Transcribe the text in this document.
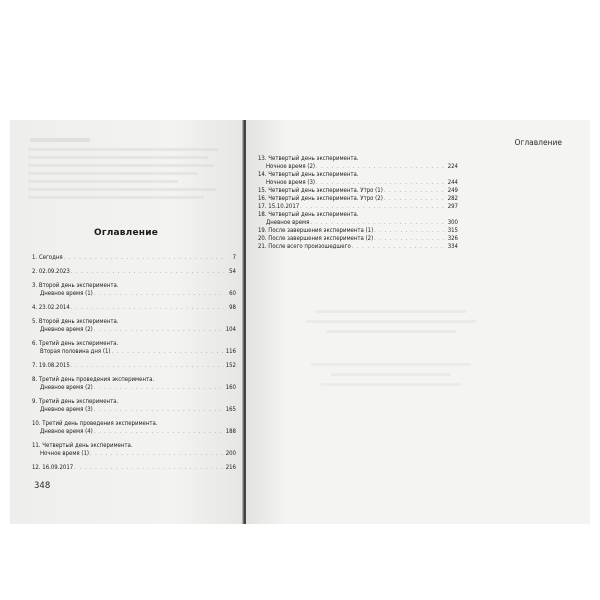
Оглавление
1. Сегодня . . .	7
2. 02.09.2023 . . .	54
3. Второй день эксперимента.
Дневное время (1) . . .	60
4. 23.02.2014 . . .	98
5. Второй день эксперимента.
Дневное время (2) . . .	104
6. Третий день эксперимента.
Вторая половина дня (1) . . .	116
7. 19.08.2015 . . .	152
8. Третий день проведения эксперимента.
Дневное время (2) . . .	160
9. Третий день эксперимента.
Дневное время (3) . . .	165
10. Третий день проведения эксперимента.
Дневное время (4) . . .	188
11. Четвертый день эксперимента.
Ночное время (1) . . .	200
12. 16.09.2017 . . .	216
348
Оглавление
13. Четвертый день эксперимента.
Ночное время (2) . . .	224
14. Четвертый день эксперимента.
Ночное время (3) . . .	244
15. Четвертый день эксперимента. Утро (1) . . .	249
16. Четвертый день эксперимента. Утро (2) . . .	282
17. 15.10.2017 . . .	297
18. Четвертый день эксперимента.
Дневное время . . .	300
19. После завершения эксперимента (1) . . .	315
20. После завершения эксперимента (2) . . .	326
21. После всего произошедшего . . .	334
